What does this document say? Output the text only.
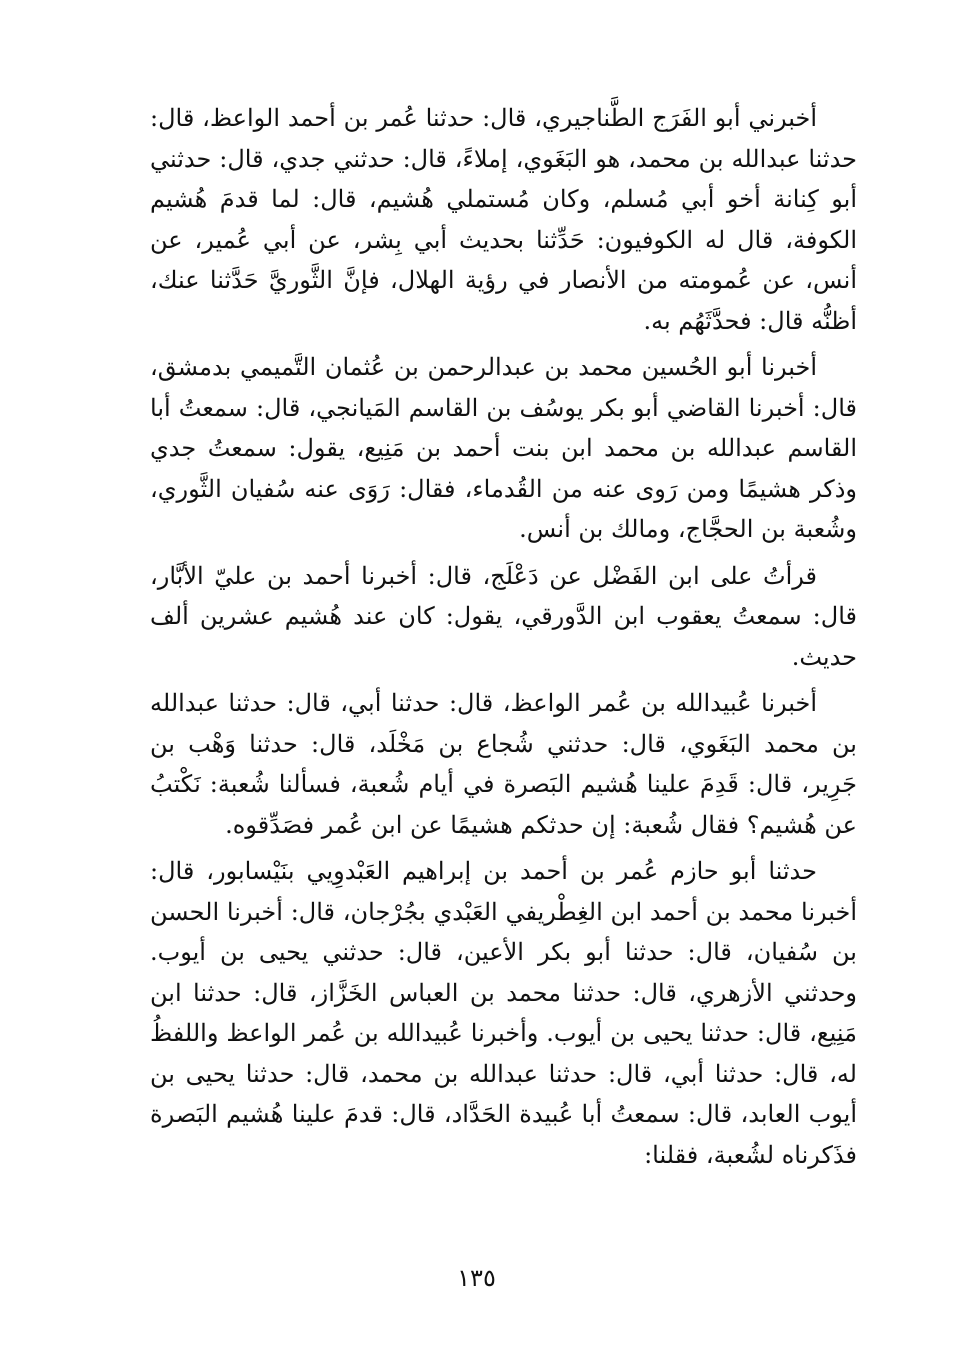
أخبرني أبو الفَرَج الطَّناجيري، قال: حدثنا عُمر بن أحمد الواعظ، قال: حدثنا عبدالله بن محمد، هو البَغَوي، إملاءً، قال: حدثني جدي، قال: حدثني أبو كِنانة أخو أبي مُسلم، وكان مُستملي هُشيم، قال: لما قدمَ هُشيم الكوفة، قال له الكوفيون: حَدِّثنا بحديث أبي بِشر، عن أبي عُمير، عن أنس، عن عُمومته من الأنصار في رؤية الهلال، فإنَّ الثَّوريَّ حَدَّثنا عنك، أظنُّه قال: فحدَّثَهُم به.

أخبرنا أبو الحُسين محمد بن عبدالرحمن بن عُثمان التَّميمي بدمشق، قال: أخبرنا القاضي أبو بكر يوسُف بن القاسم المَيانجي، قال: سمعتُ أبا القاسم عبدالله بن محمد ابن بنت أحمد بن مَنِيع، يقول: سمعتُ جدي وذكر هشيمًا ومن رَوى عنه من القُدماء، فقال: رَوَى عنه سُفيان الثَّوري، وشُعبة بن الحجَّاج، ومالك بن أنس.

قرأتُ على ابن الفَضْل عن دَعْلَج، قال: أخبرنا أحمد بن عليّ الأبَّار، قال: سمعتُ يعقوب ابن الدَّورقي، يقول: كان عند هُشيم عشرين ألف حديث.

أخبرنا عُبيدالله بن عُمر الواعظ، قال: حدثنا أبي، قال: حدثنا عبدالله بن محمد البَغَوي، قال: حدثني شُجاع بن مَخْلَد، قال: حدثنا وَهْب بن جَرِير، قال: قَدِمَ علينا هُشيم البَصرة في أيام شُعبة، فسألنا شُعبة: نَكْتبُ عن هُشيم؟ فقال شُعبة: إن حدثكم هشيمًا عن ابن عُمر فصَدِّقوه.

حدثنا أبو حازم عُمر بن أحمد بن إبراهيم العَبْدوِيي بنَيْسابور، قال: أخبرنا محمد بن أحمد ابن الغِطْريفي العَبْدي بجُرْجان، قال: أخبرنا الحسن بن سُفيان، قال: حدثنا أبو بكر الأعين، قال: حدثني يحيى بن أيوب. وحدثني الأزهري، قال: حدثنا محمد بن العباس الخَزَّاز، قال: حدثنا ابن مَنِيع، قال: حدثنا يحيى بن أيوب. وأخبرنا عُبيدالله بن عُمر الواعظ واللفظُ له، قال: حدثنا أبي، قال: حدثنا عبدالله بن محمد، قال: حدثنا يحيى بن أيوب العابد، قال: سمعتُ أبا عُبيدة الحَدَّاد، قال: قدمَ علينا هُشيم البَصرة فذَكرناه لشُعبة، فقلنا:

١٣٥
